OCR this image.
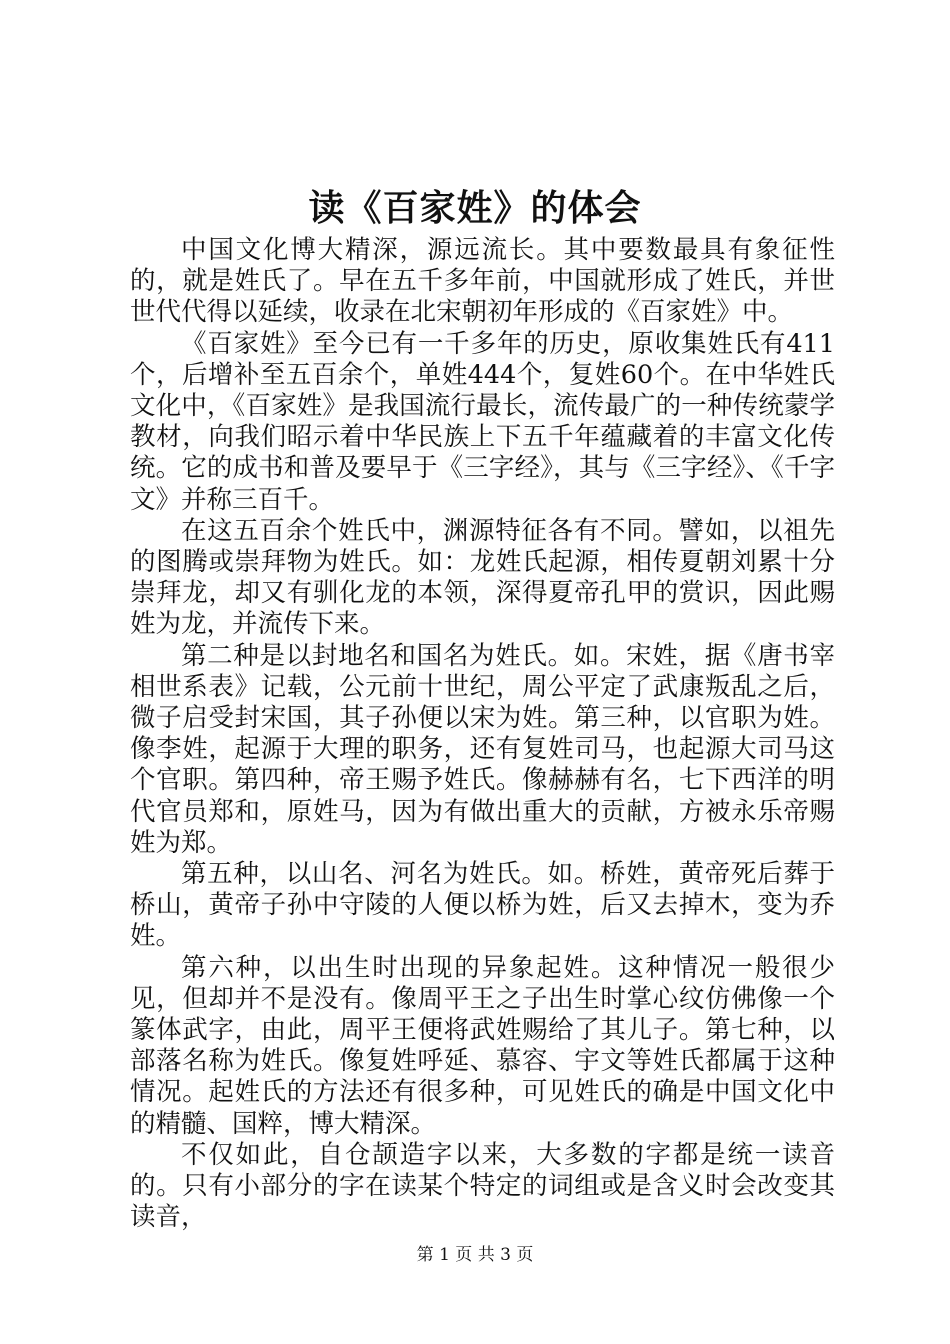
读《百家姓》的体会

中国文化博大精深，源远流长。其中要数最具有象征性的，就是姓氏了。早在五千多年前，中国就形成了姓氏，并世世代代得以延续，收录在北宋朝初年形成的《百家姓》中。

《百家姓》至今已有一千多年的历史，原收集姓氏有411个，后增补至五百余个，单姓444个，复姓60个。在中华姓氏文化中，《百家姓》是我国流行最长，流传最广的一种传统蒙学教材，向我们昭示着中华民族上下五千年蕴藏着的丰富文化传统。它的成书和普及要早于《三字经》，其与《三字经》、《千字文》并称三百千。

在这五百余个姓氏中，渊源特征各有不同。譬如，以祖先的图腾或崇拜物为姓氏。如：龙姓氏起源，相传夏朝刘累十分崇拜龙，却又有驯化龙的本领，深得夏帝孔甲的赏识，因此赐姓为龙，并流传下来。

第二种是以封地名和国名为姓氏。如。宋姓，据《唐书宰相世系表》记载，公元前十世纪，周公平定了武康叛乱之后，微子启受封宋国，其子孙便以宋为姓。第三种，以官职为姓。像李姓，起源于大理的职务，还有复姓司马，也起源大司马这个官职。第四种，帝王赐予姓氏。像赫赫有名，七下西洋的明代官员郑和，原姓马，因为有做出重大的贡献，方被永乐帝赐姓为郑。

第五种，以山名、河名为姓氏。如。桥姓，黄帝死后葬于桥山，黄帝子孙中守陵的人便以桥为姓，后又去掉木，变为乔姓。

第六种，以出生时出现的异象起姓。这种情况一般很少见，但却并不是没有。像周平王之子出生时掌心纹仿佛像一个篆体武字，由此，周平王便将武姓赐给了其儿子。第七种，以部落名称为姓氏。像复姓呼延、慕容、宇文等姓氏都属于这种情况。起姓氏的方法还有很多种，可见姓氏的确是中国文化中的精髓、国粹，博大精深。

不仅如此，自仓颉造字以来，大多数的字都是统一读音的。只有小部分的字在读某个特定的词组或是含义时会改变其读音，

第 1 页 共 3 页
